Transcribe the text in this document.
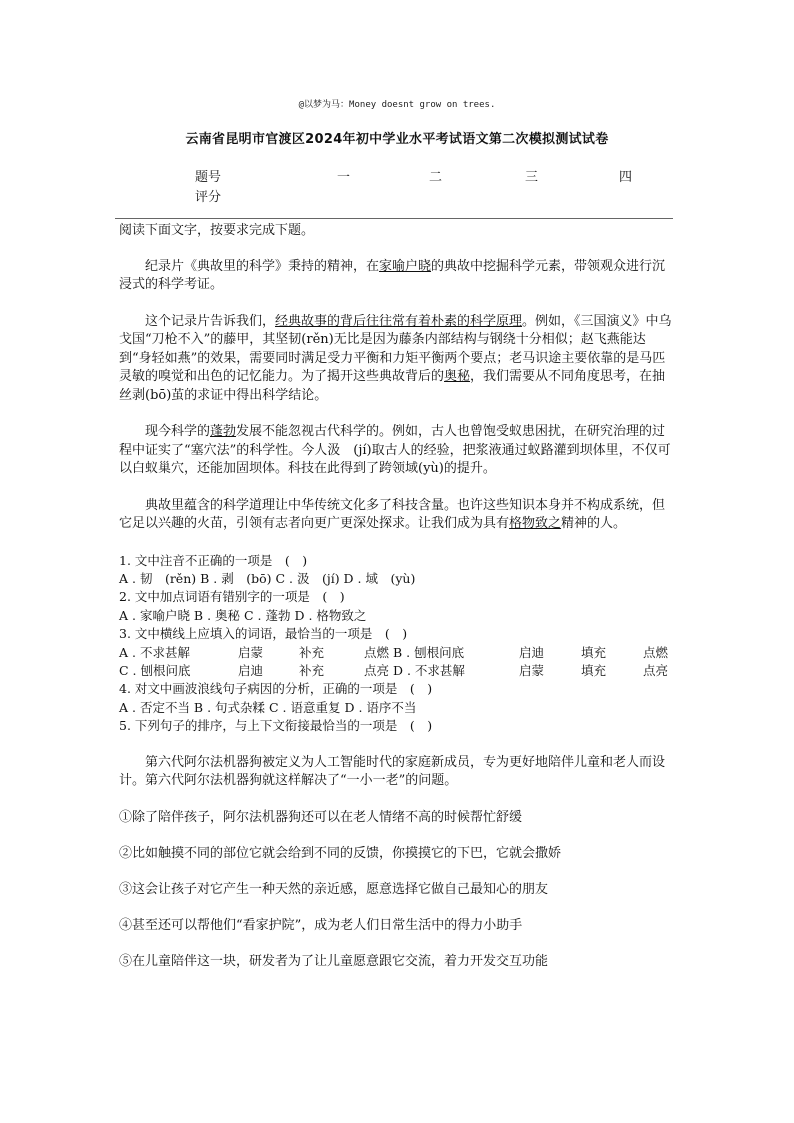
@以梦为马：Money doesnt grow on trees.
云南省昆明市官渡区2024年初中学业水平考试语文第二次模拟测试试卷
题号	一	二	三	四
评分

阅读下面文字，按要求完成下题。

纪录片《典故里的科学》秉持的精神，在家喻户晓的典故中挖掘科学元素，带领观众进行沉浸式的科学考证。

这个记录片告诉我们，经典故事的背后往往常有着朴素的科学原理。例如，《三国演义》中乌戈国“刀枪不入”的藤甲，其坚韧(rěn)无比是因为藤条内部结构与钢绕十分相似；赵飞燕能达到“身轻如燕”的效果，需要同时满足受力平衡和力矩平衡两个要点；老马识途主要依靠的是马匹灵敏的嗅觉和出色的记忆能力。为了揭开这些典故背后的奥秘，我们需要从不同角度思考，在抽丝剥(bō)茧的求证中得出科学结论。

现今科学的蓬勃发展不能忽视古代科学的。例如，古人也曾饱受蚁患困扰，在研究治理的过程中证实了“塞穴法”的科学性。今人汲　(jí)取古人的经验，把浆液通过蚁路灌到坝体里，不仅可以白蚁巢穴，还能加固坝体。科技在此得到了跨领域(yù)的提升。

典故里蕴含的科学道理让中华传统文化多了科技含量。也许这些知识本身并不构成系统，但它足以兴趣的火苗，引领有志者向更广更深处探求。让我们成为具有格物致之精神的人。

1. 文中注音不正确的一项是　(　)
A . 韧　(rěn) B . 剥　(bō) C . 汲　(jí) D . 域　(yù)
2. 文中加点词语有错别字的一项是　(　)
A . 家喻户晓 B . 奥秘 C . 蓬勃 D . 格物致之
3. 文中横线上应填入的词语，最恰当的一项是　(　)
A . 不求甚解	启蒙	补充	点燃 B . 刨根问底	启迪	填充	点燃
C . 刨根问底	启迪	补充	点亮 D . 不求甚解	启蒙	填充	点亮
4. 对文中画波浪线句子病因的分析，正确的一项是　(　)
A . 否定不当 B . 句式杂糅 C . 语意重复 D . 语序不当
5. 下列句子的排序，与上下文衔接最恰当的一项是　(　)

第六代阿尔法机器狗被定义为人工智能时代的家庭新成员，专为更好地陪伴儿童和老人而设计。第六代阿尔法机器狗就这样解决了“一小一老”的问题。

①除了陪伴孩子，阿尔法机器狗还可以在老人情绪不高的时候帮忙舒缓

②比如触摸不同的部位它就会给到不同的反馈，你摸摸它的下巴，它就会撒娇

③这会让孩子对它产生一种天然的亲近感，愿意选择它做自己最知心的朋友

④甚至还可以帮他们“看家护院”，成为老人们日常生活中的得力小助手

⑤在儿童陪伴这一块，研发者为了让儿童愿意跟它交流，着力开发交互功能
